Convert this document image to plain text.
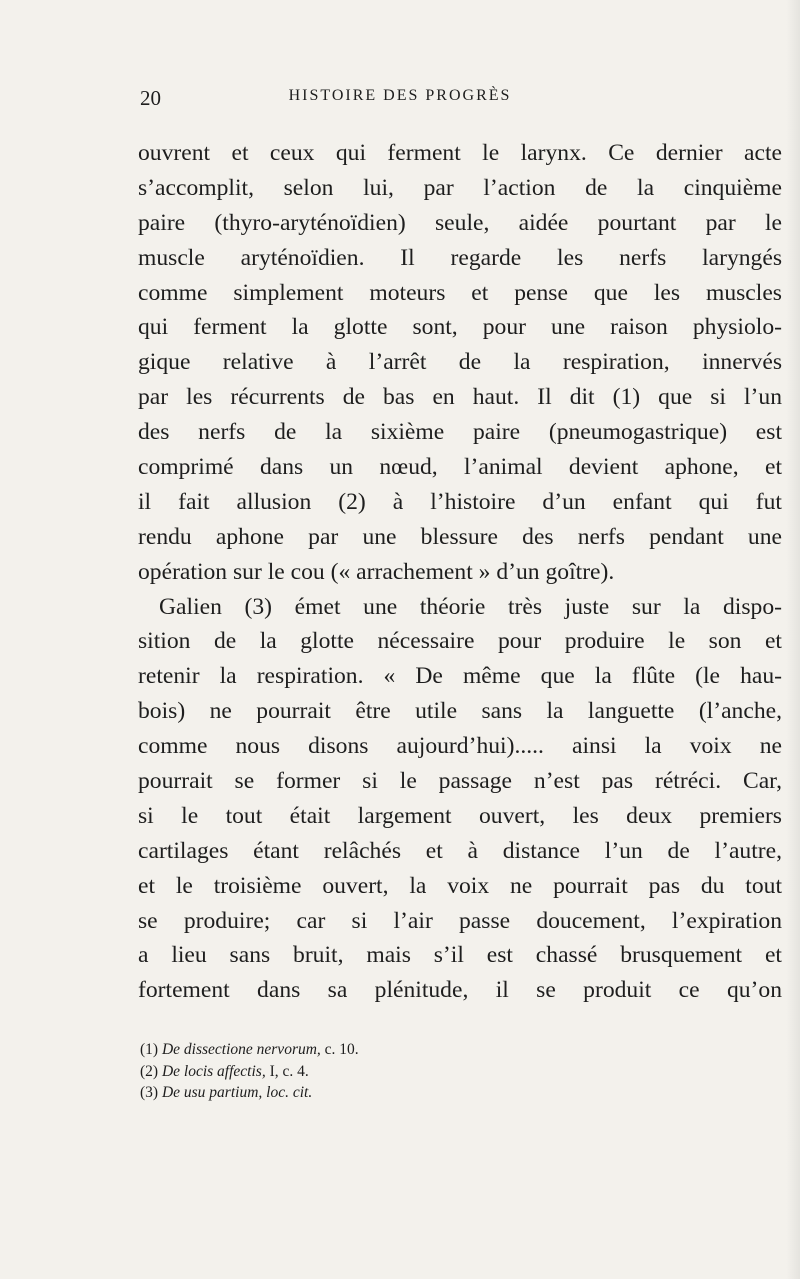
20	HISTOIRE DES PROGRÈS
ouvrent et ceux qui ferment le larynx. Ce dernier acte
s’accomplit, selon lui, par l’action de la cinquième
paire (thyro-aryténoïdien) seule, aidée pourtant par le
muscle aryténoïdien. Il regarde les nerfs laryngés
comme simplement moteurs et pense que les muscles
qui ferment la glotte sont, pour une raison physiolo-
gique relative à l’arrêt de la respiration, innervés
par les récurrents de bas en haut. Il dit (1) que si l’un
des nerfs de la sixième paire (pneumogastrique) est
comprimé dans un nœud, l’animal devient aphone, et
il fait allusion (2) à l’histoire d’un enfant qui fut
rendu aphone par une blessure des nerfs pendant une
opération sur le cou (« arrachement » d’un goître).
Galien (3) émet une théorie très juste sur la dispo-
sition de la glotte nécessaire pour produire le son et
retenir la respiration. « De même que la flûte (le hau-
bois) ne pourrait être utile sans la languette (l’anche,
comme nous disons aujourd’hui)..... ainsi la voix ne
pourrait se former si le passage n’est pas rétréci. Car,
si le tout était largement ouvert, les deux premiers
cartilages étant relâchés et à distance l’un de l’autre,
et le troisième ouvert, la voix ne pourrait pas du tout
se produire; car si l’air passe doucement, l’expiration
a lieu sans bruit, mais s’il est chassé brusquement et
fortement dans sa plénitude, il se produit ce qu’on
(1) De dissectione nervorum, c. 10.
(2) De locis affectis, I, c. 4.
(3) De usu partium, loc. cit.
